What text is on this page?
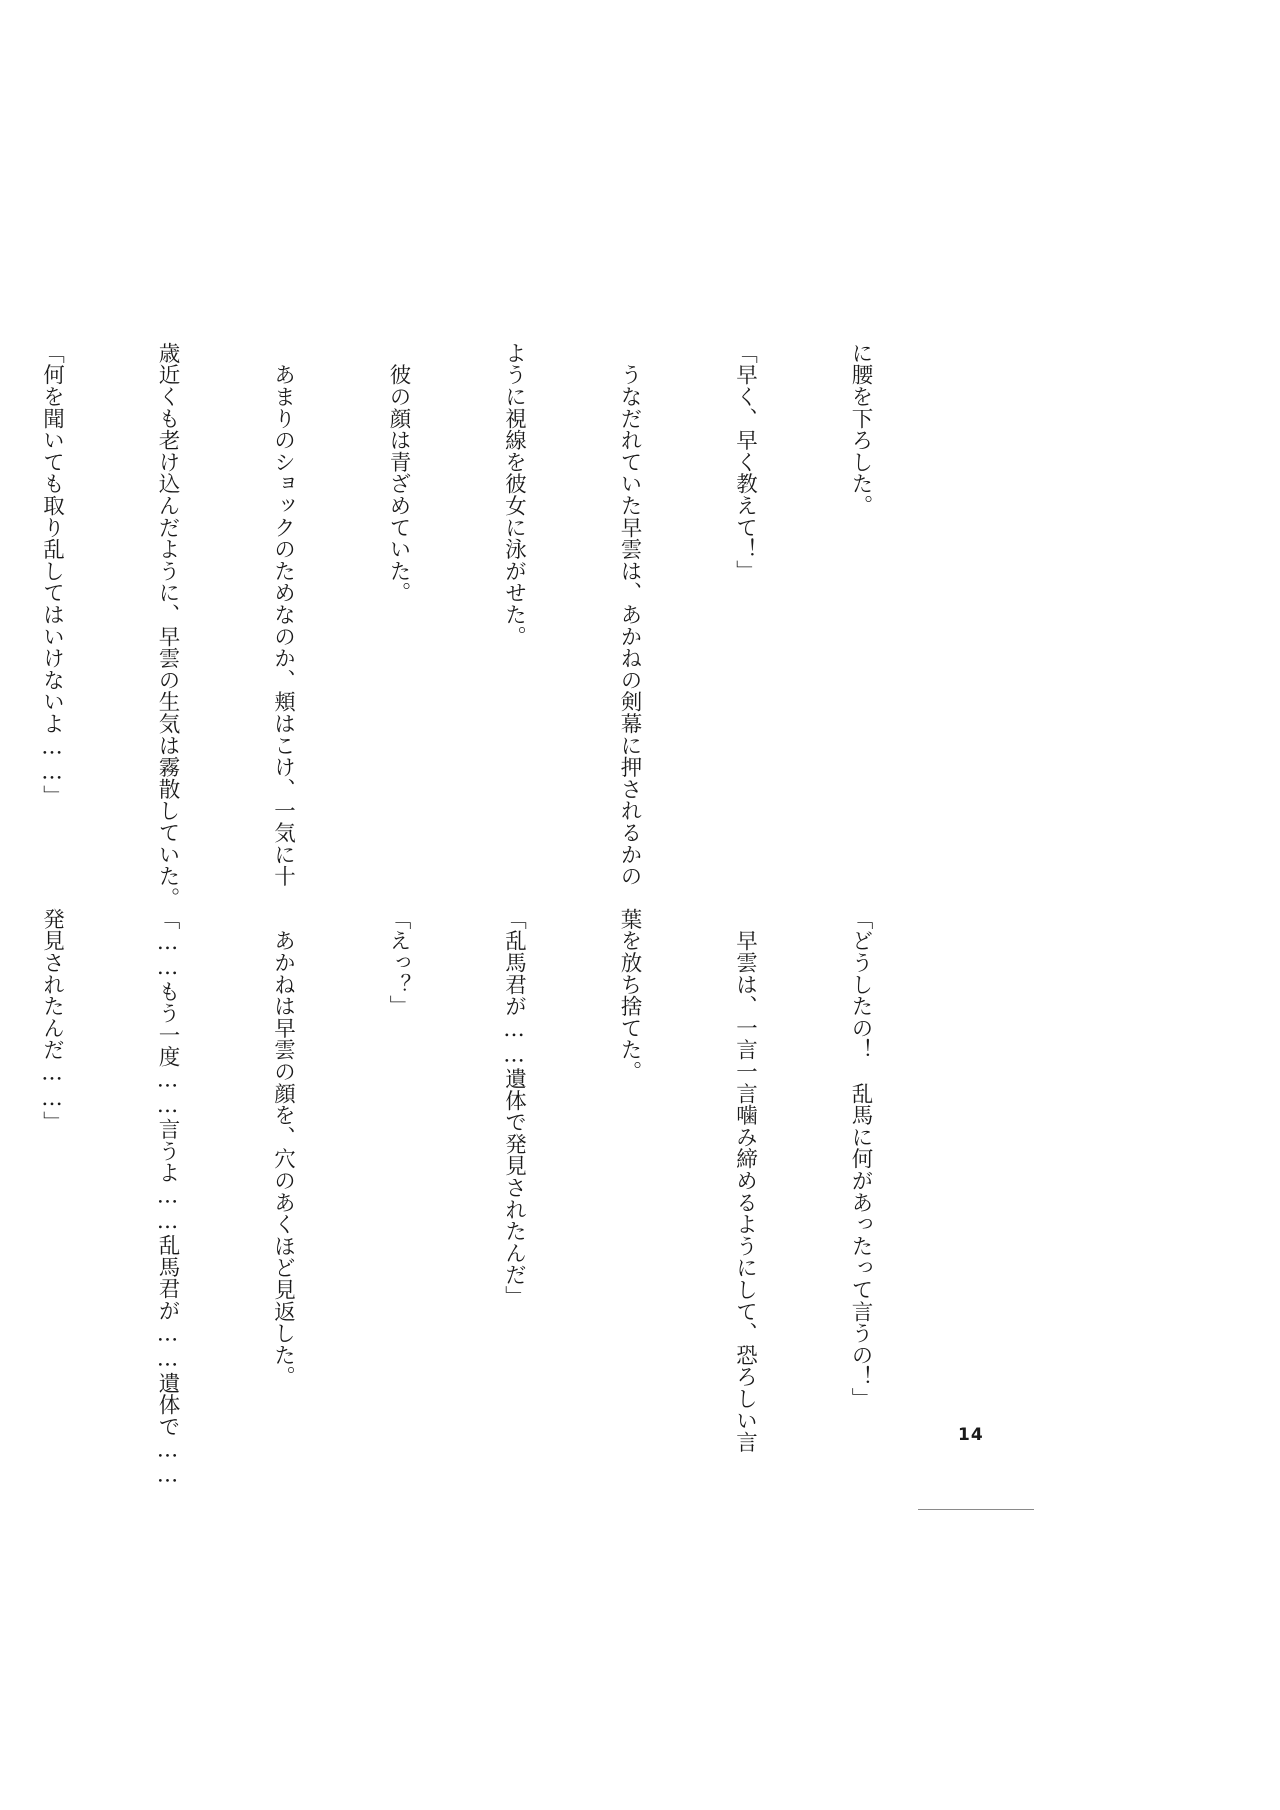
に腰を下ろした。

「早く、早く教えて！」

　うなだれていた早雲は、あかねの剣幕に押されるかの

ように視線を彼女に泳がせた。

　彼の顔は青ざめていた。

　あまりのショックのためなのか、頬はこけ、一気に十

歳近くも老け込んだように、早雲の生気は霧散していた。

「何を聞いても取り乱してはいけないよ……」

「どうしたの！　乱馬に何があったって言うの！」

　早雲は、一言一言噛み締めるようにして、恐ろしい言

葉を放ち捨てた。

「乱馬君が……遺体で発見されたんだ」

「えっ？」

　あかねは早雲の顔を、穴のあくほど見返した。

「……もう一度……言うよ……乱馬君が……遺体で……

発見されたんだ……」

14
